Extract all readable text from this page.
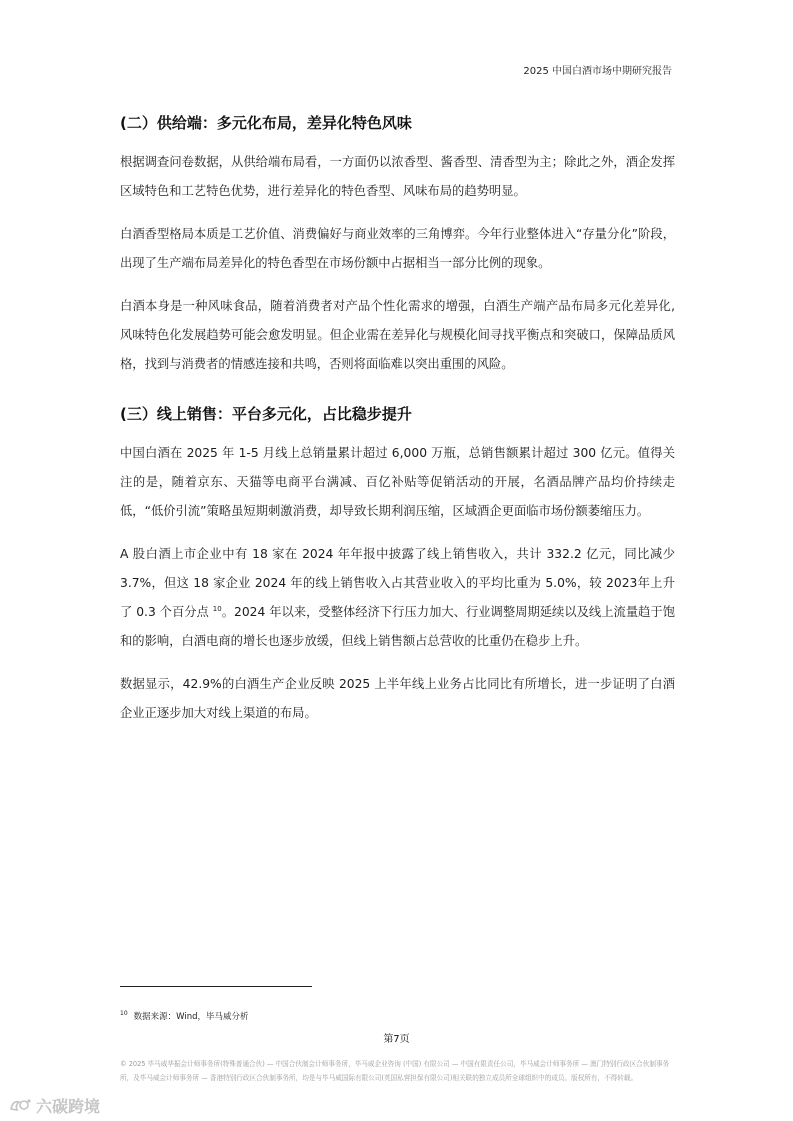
2025 中国白酒市场中期研究报告
(二）供给端：多元化布局，差异化特色风味

根据调查问卷数据，从供给端布局看，一方面仍以浓香型、酱香型、清香型为主；除此之外，酒企发挥区域特色和工艺特色优势，进行差异化的特色香型、风味布局的趋势明显。

白酒香型格局本质是工艺价值、消费偏好与商业效率的三角博弈。今年行业整体进入“存量分化”阶段，出现了生产端布局差异化的特色香型在市场份额中占据相当一部分比例的现象。

白酒本身是一种风味食品，随着消费者对产品个性化需求的增强，白酒生产端产品布局多元化差异化,风味特色化发展趋势可能会愈发明显。但企业需在差异化与规模化间寻找平衡点和突破口，保障品质风格，找到与消费者的情感连接和共鸣，否则将面临难以突出重围的风险。

(三）线上销售：平台多元化，占比稳步提升

中国白酒在 2025 年 1-5 月线上总销量累计超过 6,000 万瓶，总销售额累计超过 300 亿元。值得关注的是，随着京东、天猫等电商平台满减、百亿补贴等促销活动的开展，名酒品牌产品均价持续走低，“低价引流”策略虽短期刺激消费，却导致长期利润压缩，区域酒企更面临市场份额萎缩压力。

A 股白酒上市企业中有 18 家在 2024 年年报中披露了线上销售收入，共计 332.2 亿元，同比减少 3.7%，但这 18 家企业 2024 年的线上销售收入占其营业收入的平均比重为 5.0%，较 2023年上升了 0.3 个百分点 $^{10}$。2024 年以来，受整体经济下行压力加大、行业调整周期延续以及线上流量趋于饱和的影响，白酒电商的增长也逐步放缓，但线上销售额占总营收的比重仍在稳步上升。

数据显示，42.9%的白酒生产企业反映 2025 上半年线上业务占比同比有所增长，进一步证明了白酒企业正逐步加大对线上渠道的布局。

$^{10}$ 数据来源：Wind，毕马威分析
第7页
© 2025 毕马威华振会计师事务所(特殊普通合伙) — 中国合伙制会计师事务所，毕马威企业咨询 (中国) 有限公司 — 中国有限责任公司，毕马威会计师事务所 — 澳门特别行政区合伙制事务所，及毕马威会计师事务所 — 香港特别行政区合伙制事务所，均是与毕马威国际有限公司(英国私营担保有限公司)相关联的独立成员所全球组织中的成员。版权所有，不得转载。
六碳跨境
